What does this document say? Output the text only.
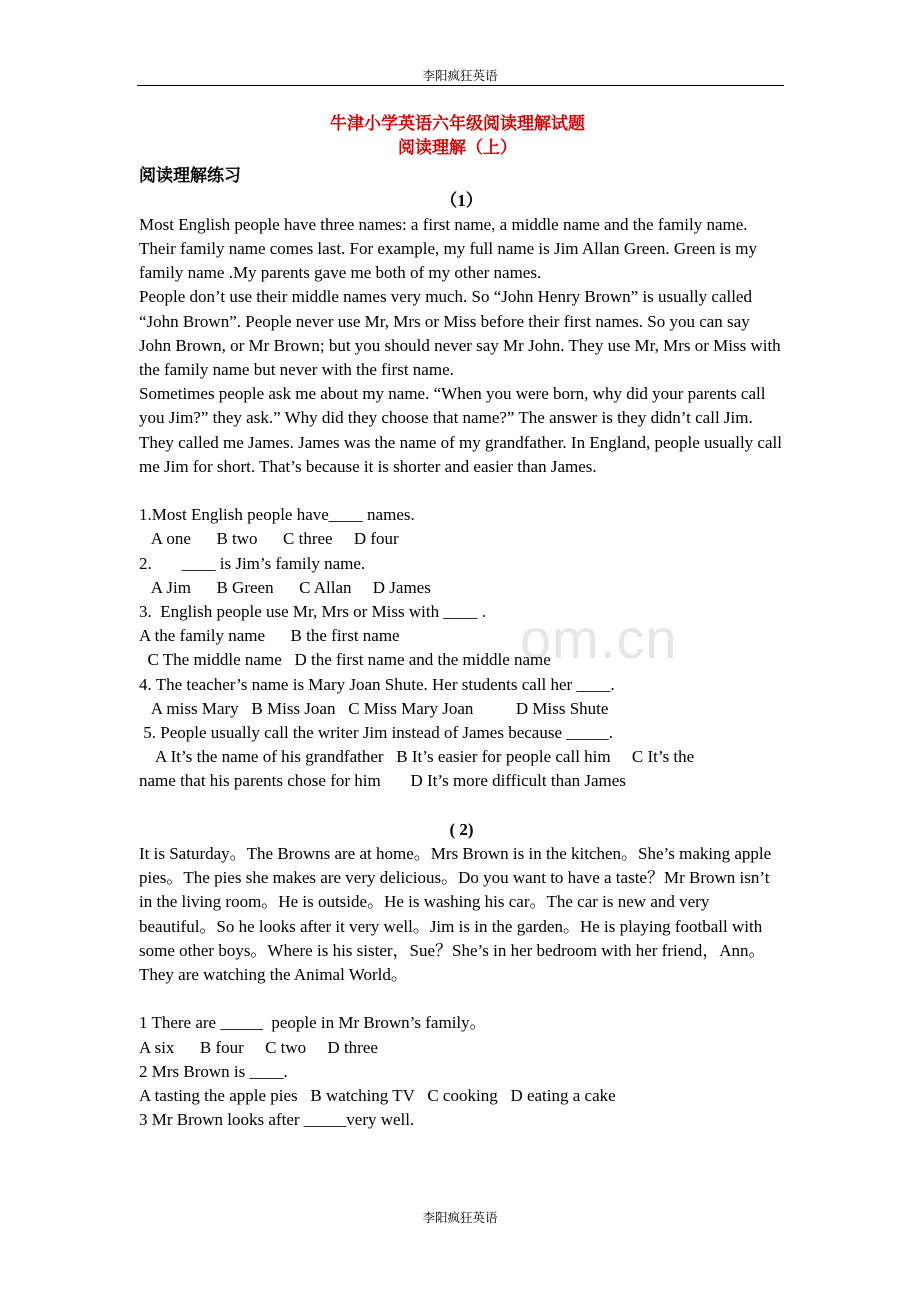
李阳疯狂英语
om.cn
牛津小学英语六年级阅读理解试题
阅读理解（上）
阅读理解练习
（1）

Most English people have three names: a first name, a middle name and the family name. Their family name comes last. For example, my full name is Jim Allan Green. Green is my family name .My parents gave me both of my other names.

People don’t use their middle names very much. So “John Henry Brown” is usually called “John Brown”. People never use Mr, Mrs or Miss before their first names. So you can say John Brown, or Mr Brown; but you should never say Mr John. They use Mr, Mrs or Miss with the family name but never with the first name.

Sometimes people ask me about my name. “When you were born, why did your parents call you Jim?” they ask.” Why did they choose that name?” The answer is they didn’t call Jim. They called me James. James was the name of my grandfather. In England, people usually call me Jim for short. That’s because it is shorter and easier than James.

1.Most English people have____ names.

A one      B two      C three     D four

2.       ____ is Jim’s family name.

A Jim      B Green      C Allan     D James

3.  English people use Mr, Mrs or Miss with ____ .

A the family name      B the first name

C The middle name   D the first name and the middle name

4. The teacher’s name is Mary Joan Shute. Her students call her ____.

A miss Mary   B Miss Joan   C Miss Mary Joan          D Miss Shute

5. People usually call the writer Jim instead of James because _____.

A It’s the name of his grandfather   B It’s easier for people call him     C It’s the

name that his parents chose for him       D It’s more difficult than James

( 2)

It is Saturday。The Browns are at home。Mrs Brown is in the kitchen。She’s making apple pies。The pies she makes are very delicious。Do you want to have a taste？Mr Brown isn’t in the living room。He is outside。He is washing his car。The car is new and very beautiful。So he looks after it very well。Jim is in the garden。He is playing football with some other boys。Where is his sister，Sue？She’s in her bedroom with her friend，Ann。They are watching the Animal World。

1 There are _____  people in Mr Brown’s family。

A six      B four     C two     D three

2 Mrs Brown is ____.

A tasting the apple pies   B watching TV   C cooking   D eating a cake

3 Mr Brown looks after _____very well.

李阳疯狂英语
